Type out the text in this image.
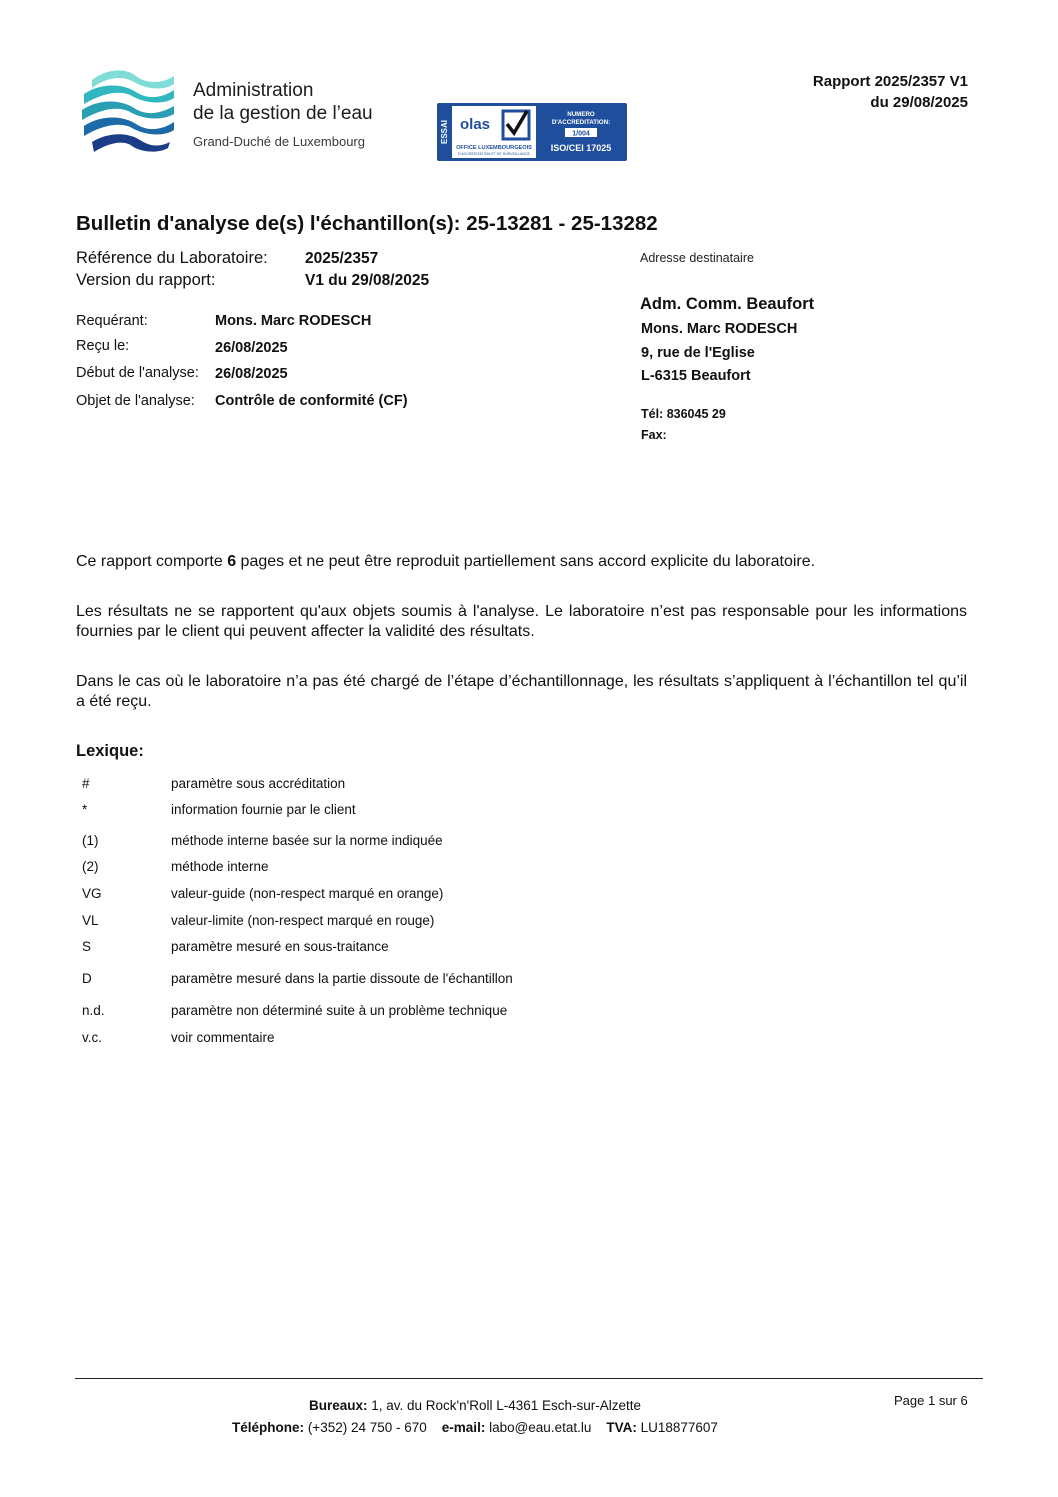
Administration
de la gestion de l’eau
Grand-Duché de Luxembourg	ESSAI olas
OFFICE LUXEMBOURGEOIS
D'ACCRÉDITATION ET DE SURVEILLANCE
NUMERO
D'ACCREDITATION:
1/004
ISO/CEI 17025
Rapport 2025/2357 V1
du 29/08/2025
Bulletin d'analyse de(s) l'échantillon(s): 25-13281 - 25-13282
Référence du Laboratoire: 2025/2357
Version du rapport:	V1 du 29/08/2025
Requérant:	Mons. Marc RODESCH
Reçu le:	26/08/2025
Début de l'analyse: 26/08/2025
Objet de l'analyse: Contrôle de conformité (CF)
Adresse destinataire
Adm. Comm. Beaufort
Mons. Marc RODESCH
9, rue de l'Eglise
L-6315 Beaufort
Tél: 836045 29
Fax:
Ce rapport comporte 6 pages et ne peut être reproduit partiellement sans accord explicite du laboratoire.
Les résultats ne se rapportent qu'aux objets soumis à l'analyse. Le laboratoire n’est pas responsable pour les informations fournies par le client qui peuvent affecter la validité des résultats.
Dans le cas où le laboratoire n’a pas été chargé de l’étape d’échantillonnage, les résultats s’appliquent à l’échantillon tel qu’il a été reçu.
Lexique:
#	paramètre sous accréditation
*	information fournie par le client
(1)	méthode interne basée sur la norme indiquée
(2)	méthode interne
VG	valeur-guide (non-respect marqué en orange)
VL	valeur-limite (non-respect marqué en rouge)
S	paramètre mesuré en sous-traitance
D	paramètre mesuré dans la partie dissoute de l'échantillon
n.d.	paramètre non déterminé suite à un problème technique
v.c.	voir commentaire
Bureaux: 1, av. du Rock'n'Roll L-4361 Esch-sur-Alzette
Téléphone: (+352) 24 750 - 670 e-mail: labo@eau.etat.lu TVA: LU18877607
Page 1 sur 6
